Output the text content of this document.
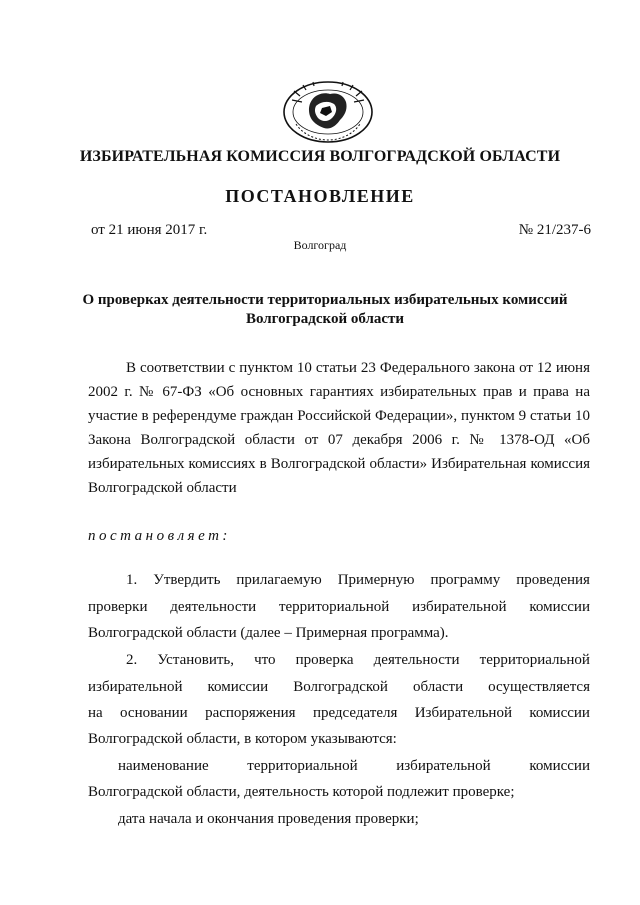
ИЗБИРАТЕЛЬНАЯ КОМИССИЯ ВОЛГОГРАДСКОЙ ОБЛАСТИ
ПОСТАНОВЛЕНИЕ
от 21 июня 2017 г.	№ 21/237-6
Волгоград
О проверках деятельности территориальных избирательных комиссий
Волгоградской области
В соответствии с пунктом 10 статьи 23 Федерального закона от 12 июня 2002 г. № 67-ФЗ «Об основных гарантиях избирательных прав и права на участие в референдуме граждан Российской Федерации», пунктом 9 статьи 10 Закона Волгоградской области от 07 декабря 2006 г. № 1378-ОД «Об избирательных комиссиях в Волгоградской области» Избирательная комиссия Волгоградской области
постановляет:
1. Утвердить прилагаемую Примерную программу проведения
проверки деятельности территориальной избирательной комиссии
Волгоградской области (далее – Примерная программа).
2. Установить, что проверка деятельности территориальной
избирательной комиссии Волгоградской области осуществляется
на основании распоряжения председателя Избирательной комиссии
Волгоградской области, в котором указываются:
наименование	территориальной	избирательной	комиссии
Волгоградской области, деятельность которой подлежит проверке;
дата начала и окончания проведения проверки;
